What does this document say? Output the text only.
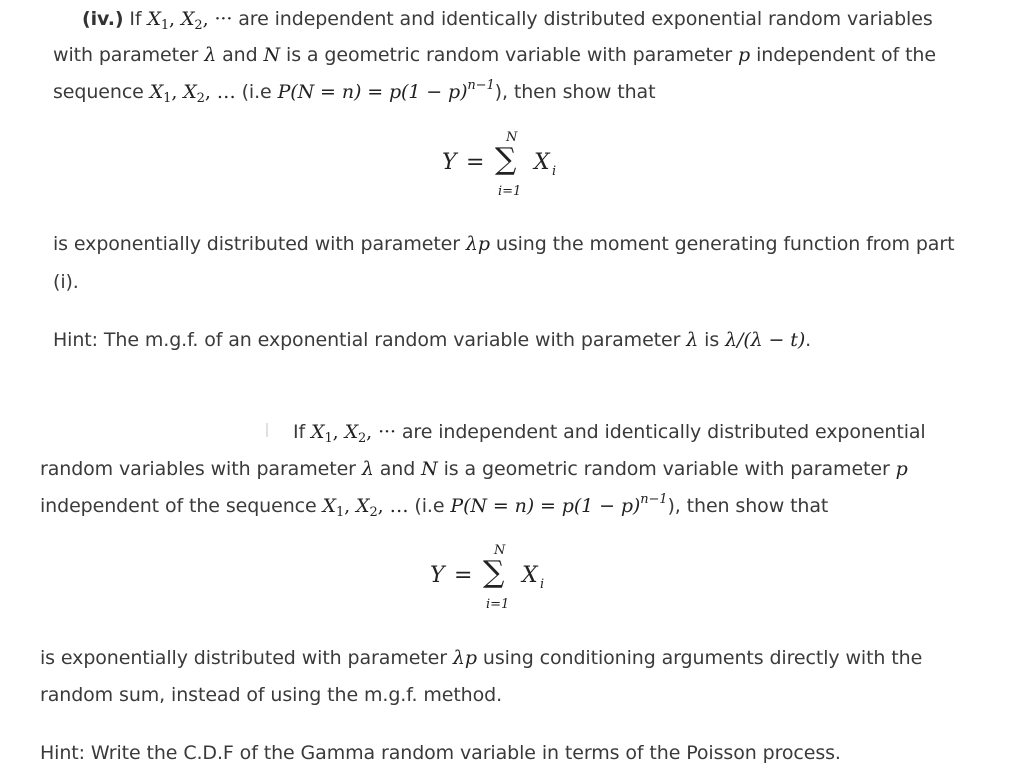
(iv.) If $X_1$, $X_2$, ··· are independent and identically distributed exponential random variables
with parameter λ and N is a geometric random variable with parameter p independent of the
sequence $X_1$, $X_2$, … (i.e $P(N = n) = p(1 - p)^{n-1}$), then show that
Y = ∑
N
i=1
X i
is exponentially distributed with parameter λp using the moment generating function from part
(i).
Hint: The m.g.f. of an exponential random variable with parameter λ is λ/(λ − t).
If $X_1$, $X_2$, ··· are independent and identically distributed exponential
random variables with parameter λ and N is a geometric random variable with parameter p
independent of the sequence $X_1$, $X_2$, … (i.e $P(N = n) = p(1 - p)^{n-1}$), then show that
Y = ∑
N
i=1
X i
is exponentially distributed with parameter λp using conditioning arguments directly with the
random sum, instead of using the m.g.f. method.
Hint: Write the C.D.F of the Gamma random variable in terms of the Poisson process.
